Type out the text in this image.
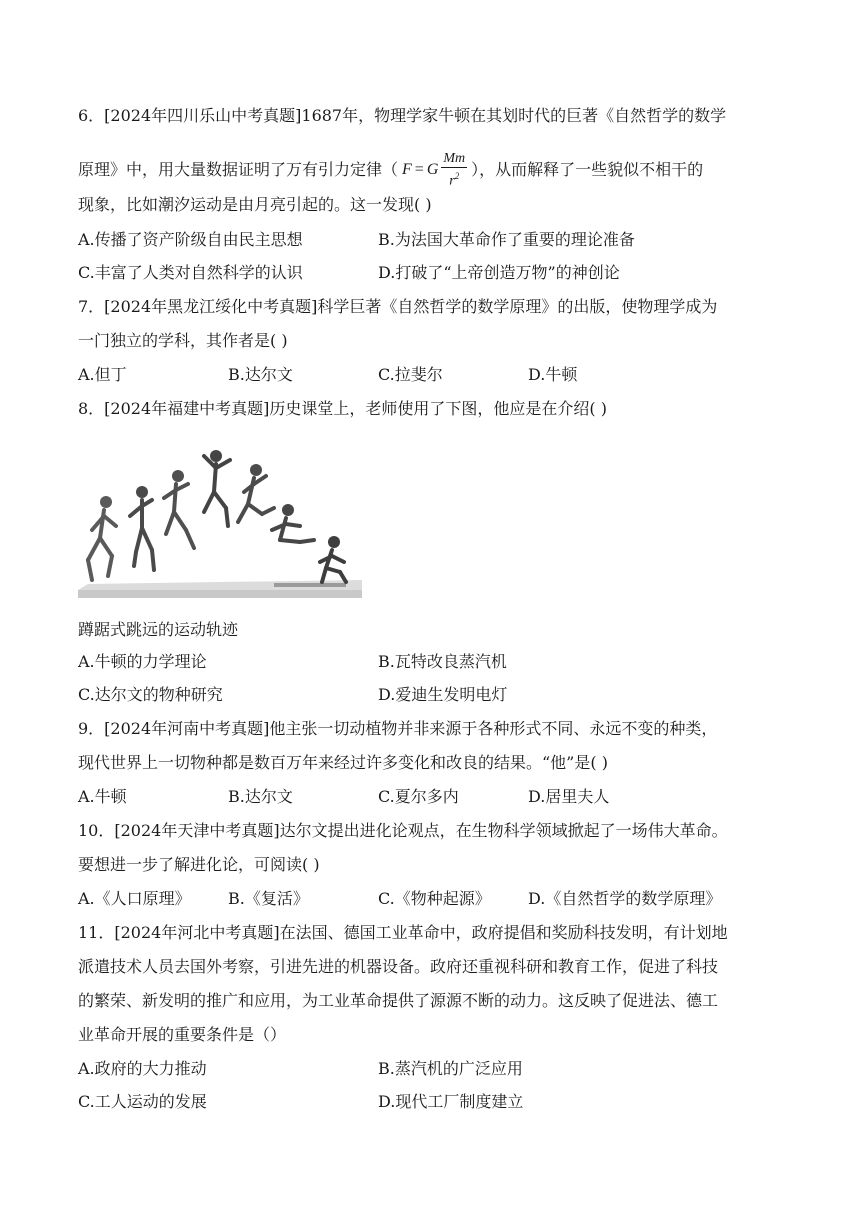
6．[2024年四川乐山中考真题]1687年，物理学家牛顿在其划时代的巨著《自然哲学的数学
原理》中，用大量数据证明了万有引力定律（ F = G $\frac{Mm}{r^2}$ ），从而解释了一些貌似不相干的
现象，比如潮汐运动是由月亮引起的。这一发现( )
A.传播了资产阶级自由民主思想	B.为法国大革命作了重要的理论准备
C.丰富了人类对自然科学的认识	D.打破了“上帝创造万物”的神创论
7．[2024年黑龙江绥化中考真题]科学巨著《自然哲学的数学原理》的出版，使物理学成为
一门独立的学科，其作者是( )
A.但丁	B.达尔文	C.拉斐尔	D.牛顿
8．[2024年福建中考真题]历史课堂上，老师使用了下图，他应是在介绍( )
蹲踞式跳远的运动轨迹
A.牛顿的力学理论	B.瓦特改良蒸汽机
C.达尔文的物种研究	D.爱迪生发明电灯
9．[2024年河南中考真题]他主张一切动植物并非来源于各种形式不同、永远不变的种类，
现代世界上一切物种都是数百万年来经过许多变化和改良的结果。“他”是( )
A.牛顿	B.达尔文	C.夏尔多内	D.居里夫人
10．[2024年天津中考真题]达尔文提出进化论观点，在生物科学领域掀起了一场伟大革命。
要想进一步了解进化论，可阅读( )
A.《人口原理》 B.《复活》	C.《物种起源》 D.《自然哲学的数学原理》
11．[2024年河北中考真题]在法国、德国工业革命中，政府提倡和奖励科技发明，有计划地
派遣技术人员去国外考察，引进先进的机器设备。政府还重视科研和教育工作，促进了科技
的繁荣、新发明的推广和应用，为工业革命提供了源源不断的动力。这反映了促进法、德工
业革命开展的重要条件是（）
A.政府的大力推动	B.蒸汽机的广泛应用
C.工人运动的发展	D.现代工厂制度建立
